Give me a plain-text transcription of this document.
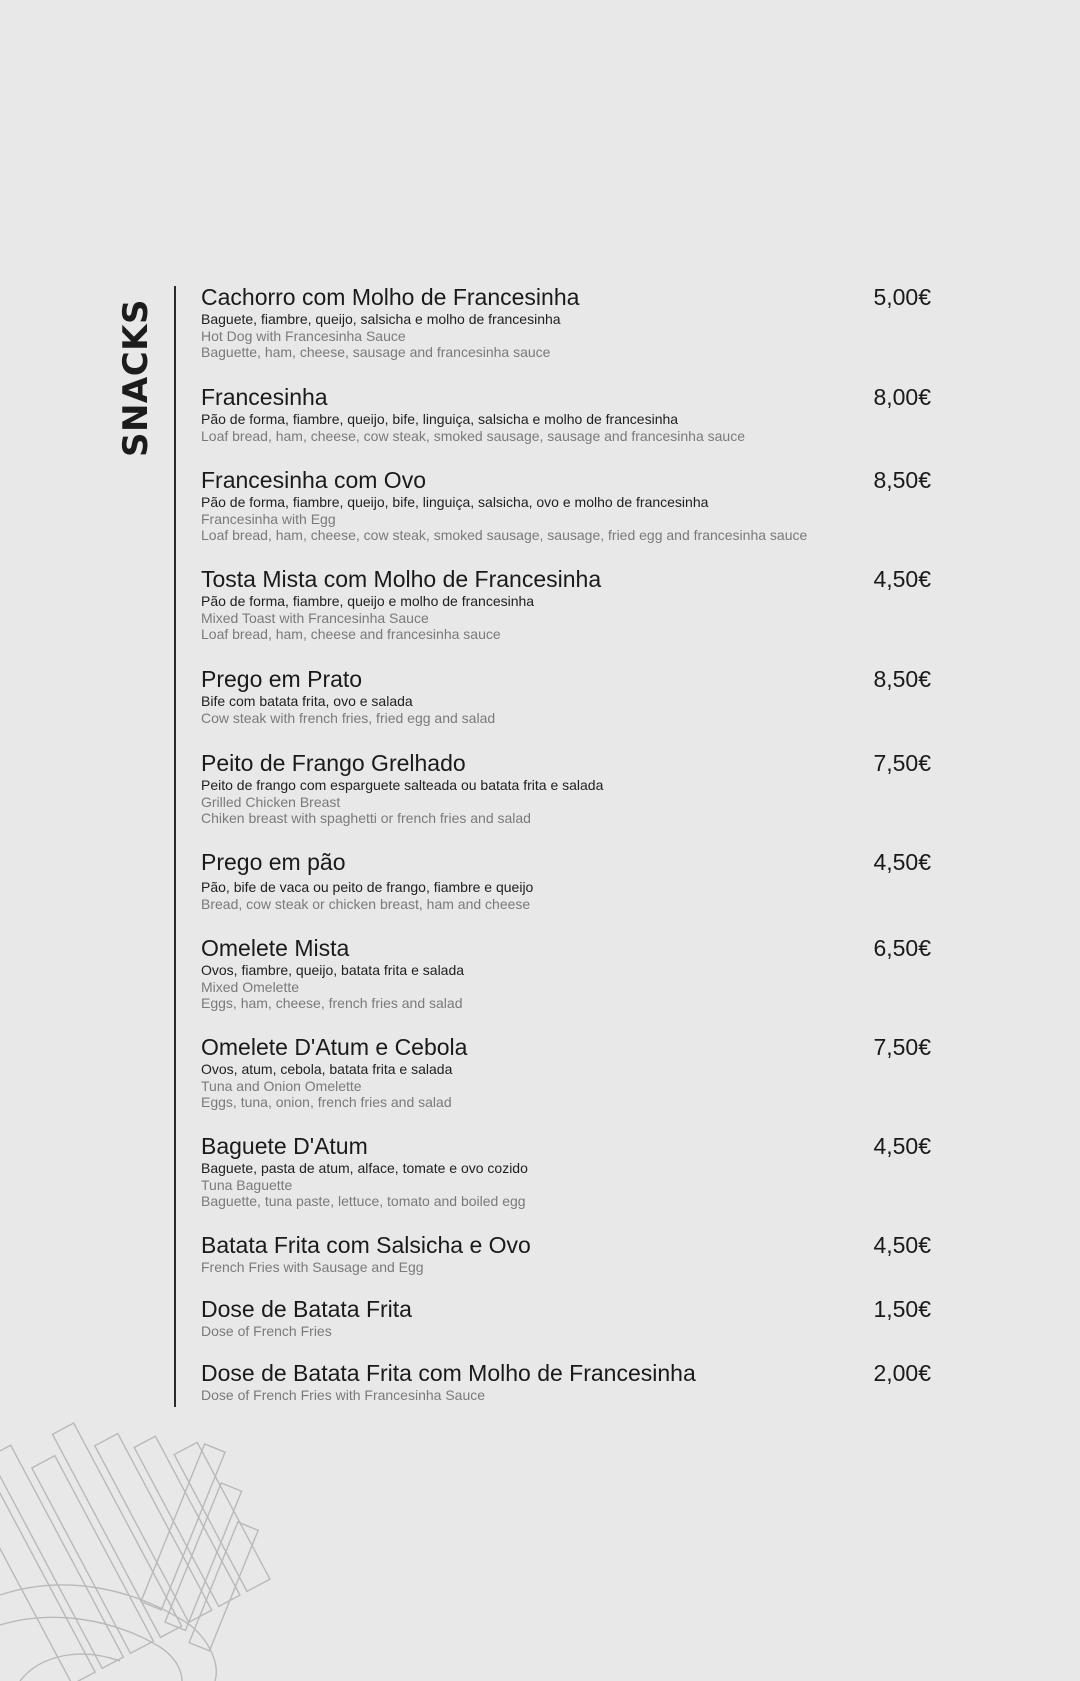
SNACKS
Cachorro com Molho de Francesinha	5,00€
Baguete, fiambre, queijo, salsicha e molho de francesinha
Hot Dog with Francesinha Sauce
Baguette, ham, cheese, sausage and francesinha sauce
Francesinha	8,00€
Pão de forma, fiambre, queijo, bife, linguiça, salsicha e molho de francesinha
Loaf bread, ham, cheese, cow steak, smoked sausage, sausage and francesinha sauce
Francesinha com Ovo	8,50€
Pão de forma, fiambre, queijo, bife, linguiça, salsicha, ovo e molho de francesinha
Francesinha with Egg
Loaf bread, ham, cheese, cow steak, smoked sausage, sausage, fried egg and francesinha sauce
Tosta Mista com Molho de Francesinha	4,50€
Pão de forma, fiambre, queijo e molho de francesinha
Mixed Toast with Francesinha Sauce
Loaf bread, ham, cheese and francesinha sauce
Prego em Prato	8,50€
Bife com batata frita, ovo e salada
Cow steak with french fries, fried egg and salad
Peito de Frango Grelhado	7,50€
Peito de frango com esparguete salteada ou batata frita e salada
Grilled Chicken Breast
Chiken breast with spaghetti or french fries and salad
Prego em pão	4,50€
Pão, bife de vaca ou peito de frango, fiambre e queijo
Bread, cow steak or chicken breast, ham and cheese
Omelete Mista	6,50€
Ovos, fiambre, queijo, batata frita e salada
Mixed Omelette
Eggs, ham, cheese, french fries and salad
Omelete D'Atum e Cebola	7,50€
Ovos, atum, cebola, batata frita e salada
Tuna and Onion Omelette
Eggs, tuna, onion, french fries and salad
Baguete D'Atum	4,50€
Baguete, pasta de atum, alface, tomate e ovo cozido
Tuna Baguette
Baguette, tuna paste, lettuce, tomato and boiled egg
Batata Frita com Salsicha e Ovo	4,50€
French Fries with Sausage and Egg
Dose de Batata Frita	1,50€
Dose of French Fries
Dose de Batata Frita com Molho de Francesinha	2,00€
Dose of French Fries with Francesinha Sauce
